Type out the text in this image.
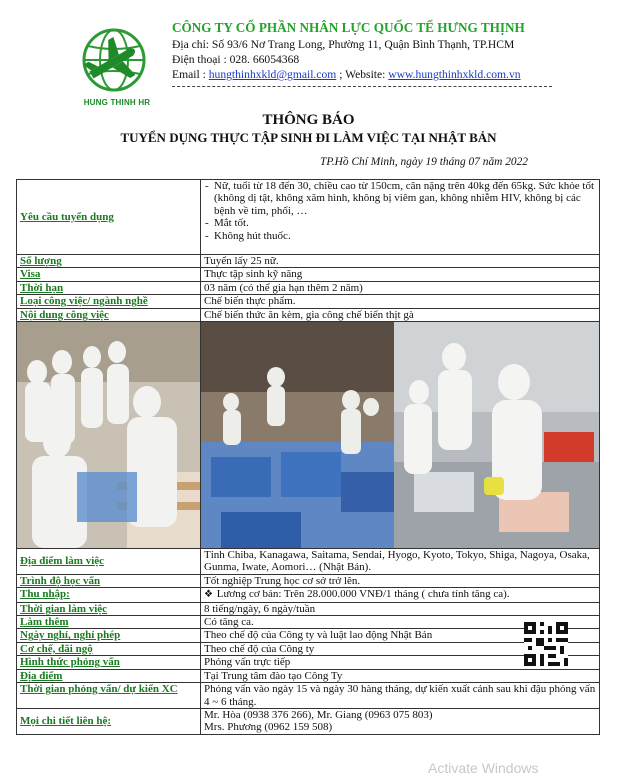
HUNG THINH HR
CÔNG TY CỔ PHẦN NHÂN LỰC QUỐC TẾ HƯNG THỊNH
Địa chỉ: Số 93/6 Nơ Trang Long, Phường 11, Quận Bình Thạnh, TP.HCM
Điện thoại : 028. 66054368
Email : hungthinhxkld@gmail.com ; Website: www.hungthinhxkld.com.vn
THÔNG BÁO
TUYỂN DỤNG THỰC TẬP SINH ĐI LÀM VIỆC TẠI NHẬT BẢN
TP.Hồ Chí Minh, ngày 19 tháng 07 năm 2022
Yêu cầu tuyển dụng	- Nữ, tuổi từ 18 đến 30, chiều cao từ 150cm, cân nặng trên 40kg đến 65kg. Sức khỏe tốt (không dị tật, không xăm hình, không bị viêm gan, không nhiễm HIV, không bị các bệnh về tim, phổi, …
- Mắt tốt.
- Không hút thuốc.

Số lượng	Tuyển lấy 25 nữ.
Visa	Thực tập sinh kỹ năng
Thời hạn	03 năm (có thể gia hạn thêm 2 năm)
Loại công việc/ ngành nghề	Chế biến thực phẩm.
Nội dung công việc	Chế biến thức ăn kèm, gia công chế biến thịt gà

Địa điểm làm việc	Tỉnh Chiba, Kanagawa, Saitama, Sendai, Hyogo, Kyoto, Tokyo, Shiga, Nagoya, Osaka, Gunma, Iwate, Aomori… (Nhật Bản).
Trình độ học vấn	Tốt nghiệp Trung học cơ sở trở lên.
Thu nhập:	❖ Lương cơ bản: Trên 28.000.000 VNĐ/1 tháng ( chưa tính tăng ca).
Thời gian làm việc	8 tiếng/ngày, 6 ngày/tuần
Làm thêm	Có tăng ca.
Ngày nghỉ, nghỉ phép	Theo chế độ của Công ty và luật lao động Nhật Bản
Cơ chế, đãi ngộ	Theo chế độ của Công ty
Hình thức phỏng vấn	Phỏng vấn trực tiếp
Địa điểm	Tại Trung tâm đào tạo Công Ty
Thời gian phỏng vấn/ dự kiến XC	Phỏng vấn vào ngày 15 và ngày 30 hàng tháng, dự kiến xuất cảnh sau khi đậu phỏng vấn 4 ~ 6 tháng.
Mọi chi tiết liên hệ:	Mr. Hòa (0938 376 266), Mr. Giang (0963 075 803)
Mrs. Phương (0962 159 508)
Activate Windows
